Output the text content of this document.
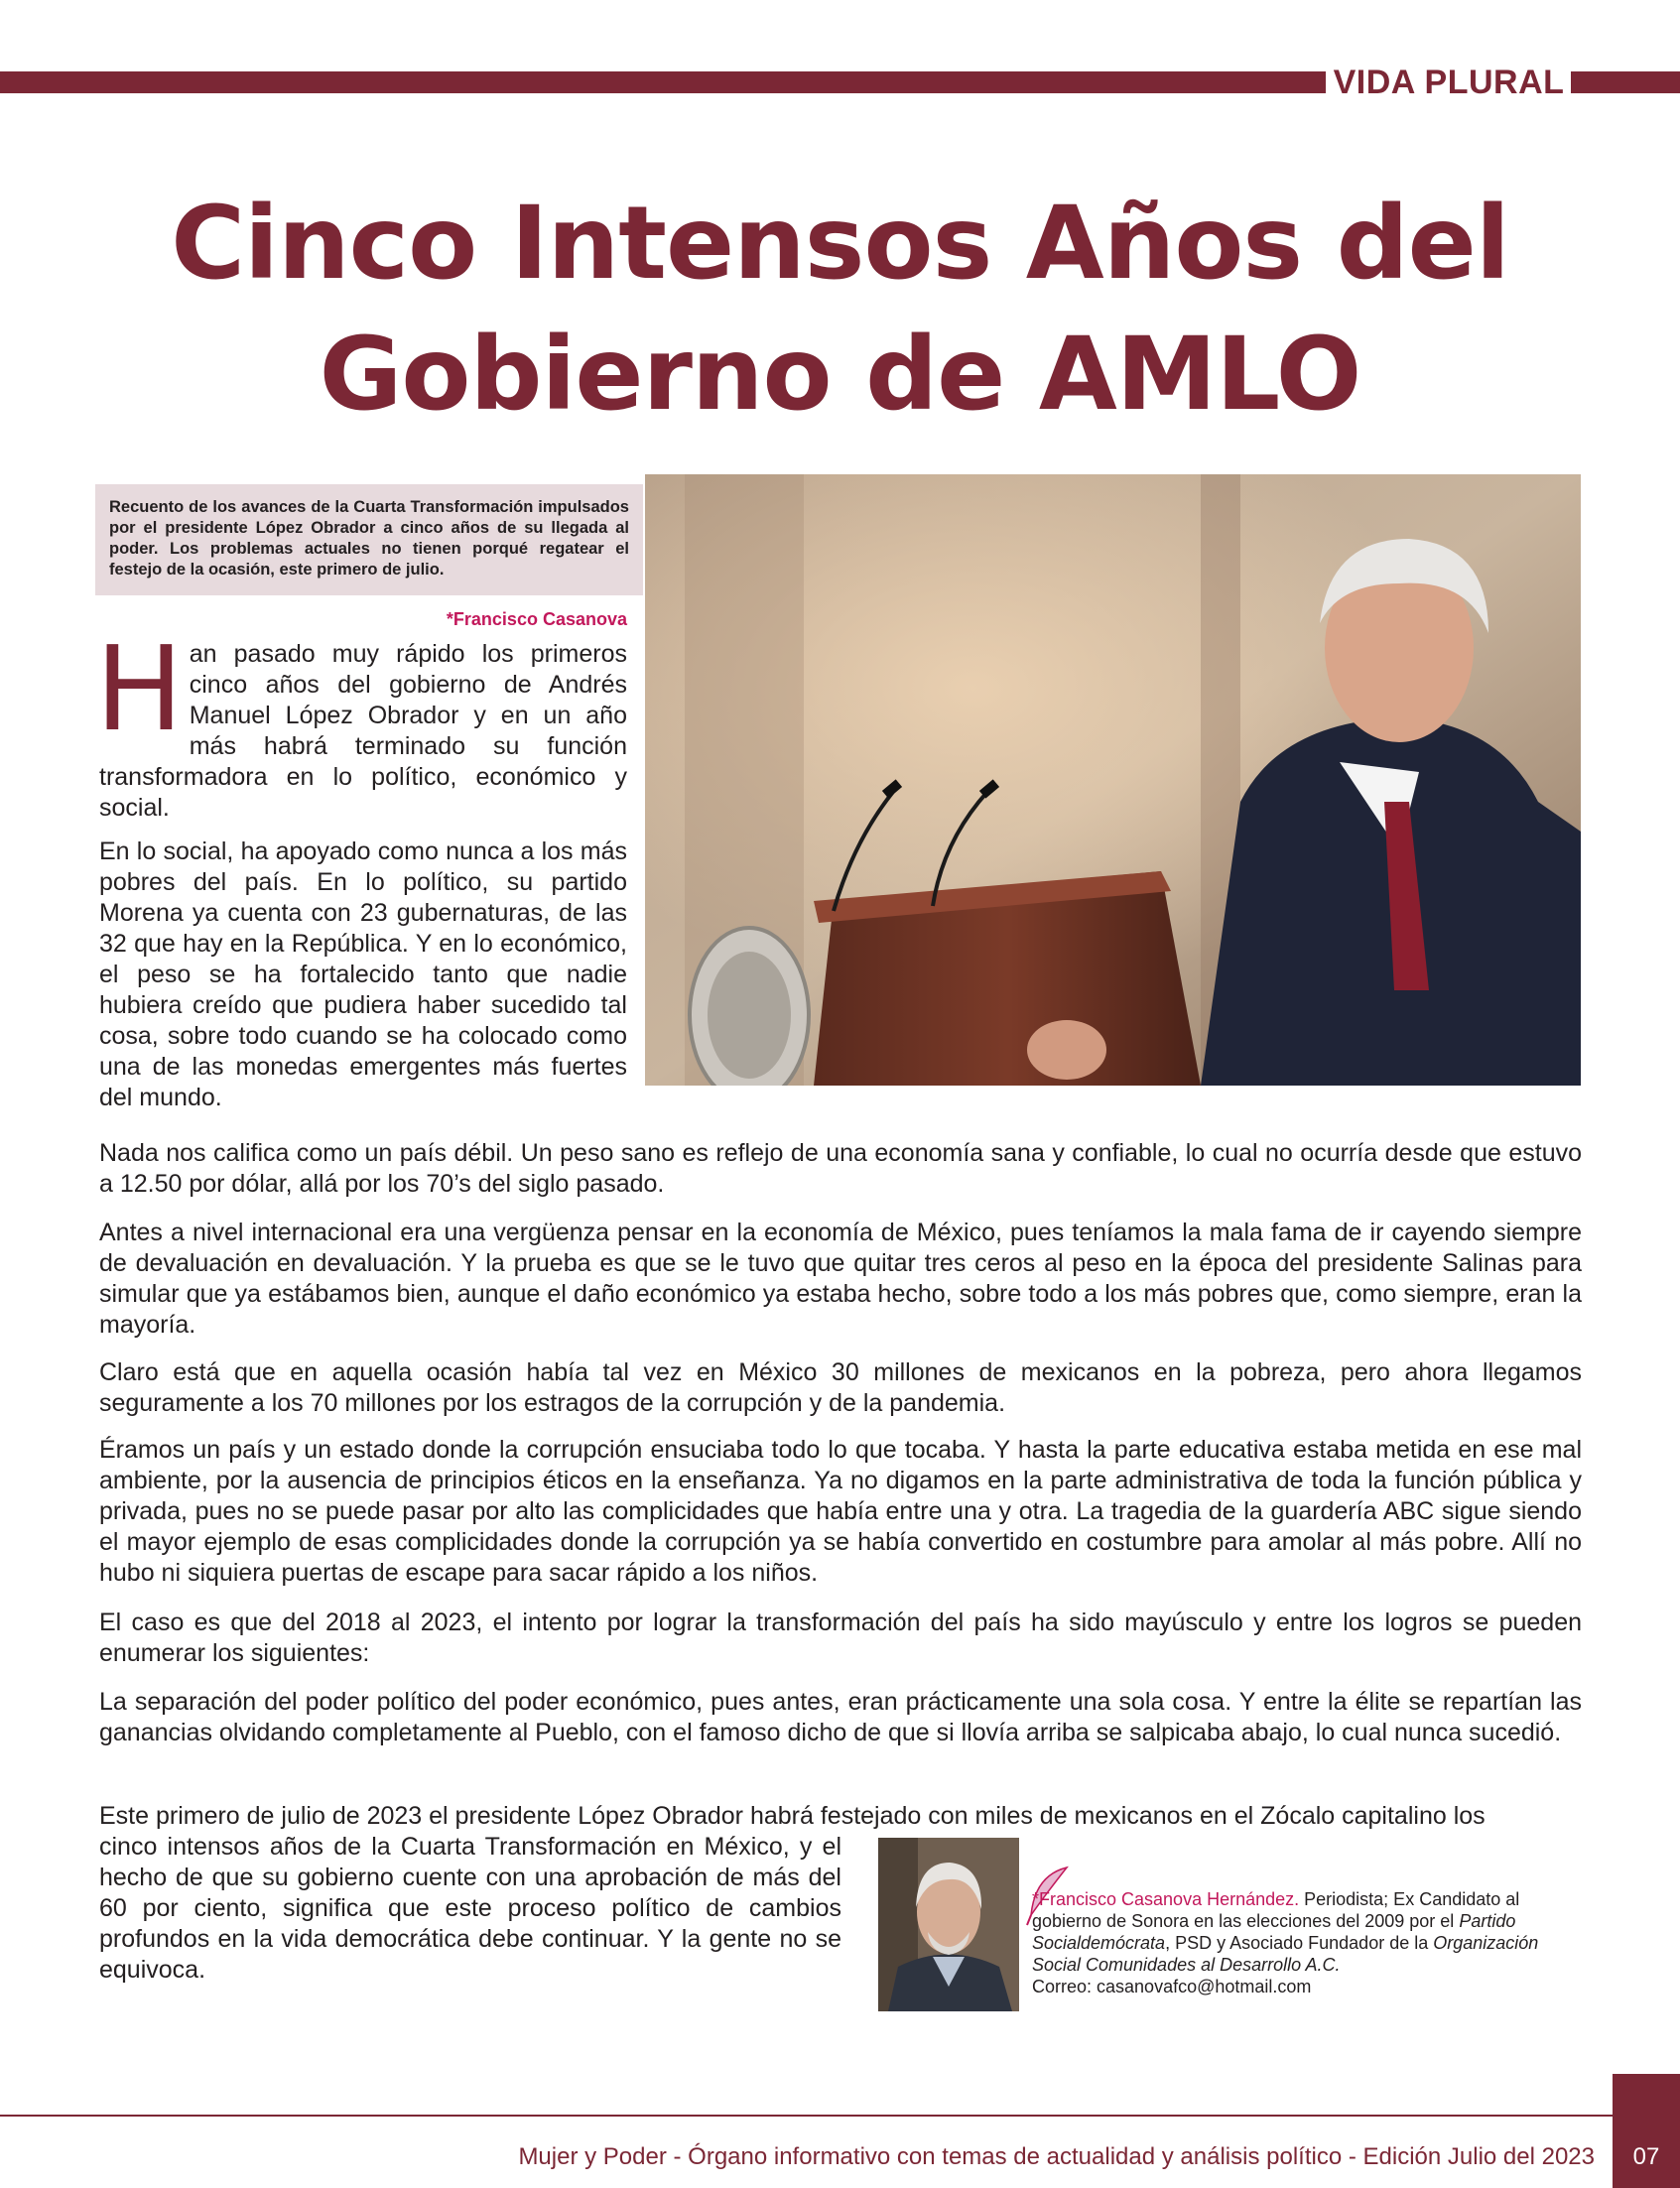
VIDA PLURAL
Cinco Intensos Años del
Gobierno de AMLO
Recuento de los avances de la Cuarta Transformación impulsados por el presidente López Obrador a cinco años de su llegada al poder. Los problemas actuales no tienen porqué regatear el festejo de la ocasión, este primero de julio.
*Francisco Casanova
Han pasado muy rápido los primeros cinco años del gobierno de Andrés Manuel López Obrador y en un año más habrá terminado su función transformadora en lo político, económico y social.
En lo social, ha apoyado como nunca a los más pobres del país. En lo político, su partido Morena ya cuenta con 23 gubernaturas, de las 32 que hay en la República. Y en lo económico, el peso se ha fortalecido tanto que nadie hubiera creído que pudiera haber sucedido tal cosa, sobre todo cuando se ha colocado como una de las monedas emergentes más fuertes del mundo.
Nada nos califica como un país débil. Un peso sano es reflejo de una economía sana y confiable, lo cual no ocurría desde que estuvo a 12.50 por dólar, allá por los 70’s del siglo pasado.
Antes a nivel internacional era una vergüenza pensar en la economía de México, pues teníamos la mala fama de ir cayendo siempre de devaluación en devaluación. Y la prueba es que se le tuvo que quitar tres ceros al peso en la época del presidente Salinas para simular que ya estábamos bien, aunque el daño económico ya estaba hecho, sobre todo a los más pobres que, como siempre, eran la mayoría.
Claro está que en aquella ocasión había tal vez en México 30 millones de mexicanos en la pobreza, pero ahora llegamos seguramente a los 70 millones por los estragos de la corrupción y de la pandemia.
Éramos un país y un estado donde la corrupción ensuciaba todo lo que tocaba. Y hasta la parte educativa estaba metida en ese mal ambiente, por la ausencia de principios éticos en la enseñanza. Ya no digamos en la parte administrativa de toda la función pública y privada, pues no se puede pasar por alto las complicidades que había entre una y otra. La tragedia de la guardería ABC sigue siendo el mayor ejemplo de esas complicidades donde la corrupción ya se había convertido en costumbre para amolar al más pobre. Allí no hubo ni siquiera puertas de escape para sacar rápido a los niños.
El caso es que del 2018 al 2023, el intento por lograr la transformación del país ha sido mayúsculo y entre los logros se pueden enumerar los siguientes:
La separación del poder político del poder económico, pues antes, eran prácticamente una sola cosa. Y entre la élite se repartían las ganancias olvidando completamente al Pueblo, con el famoso dicho de que si llovía arriba se salpicaba abajo, lo cual nunca sucedió.
Este primero de julio de 2023 el presidente López Obrador habrá festejado con miles de mexicanos en el Zócalo capitalino los
cinco intensos años de la Cuarta Transformación en México, y el hecho de que su gobierno cuente con una aprobación de más del 60 por ciento, significa que este proceso político de cambios profundos en la vida democrática debe continuar. Y la gente no se equivoca.
*Francisco Casanova Hernández. Periodista; Ex Candidato al gobierno de Sonora en las elecciones del 2009 por el Partido Socialdemócrata, PSD y Asociado Fundador de la Organización Social Comunidades al Desarrollo A.C.
Correo: casanovafco@hotmail.com
Mujer y Poder - Órgano informativo con temas de actualidad y análisis político - Edición Julio del 2023	07
